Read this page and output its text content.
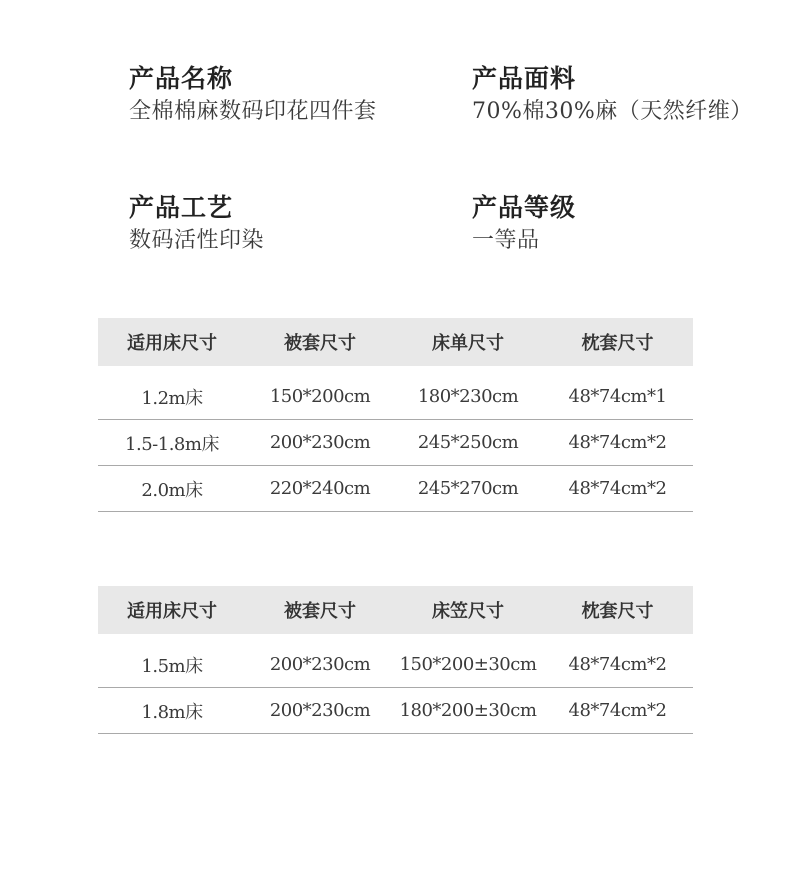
产品名称
全棉棉麻数码印花四件套
产品面料
70%棉30%麻（天然纤维）
产品工艺
数码活性印染
产品等级
一等品
适用床尺寸	被套尺寸	床单尺寸	枕套尺寸

1.2m床	150*200cm	180*230cm	48*74cm*1
1.5-1.8m床	200*230cm	245*250cm	48*74cm*2
2.0m床	220*240cm	245*270cm	48*74cm*2
适用床尺寸	被套尺寸	床笠尺寸	枕套尺寸

1.5m床	200*230cm	150*200±30cm	48*74cm*2
1.8m床	200*230cm	180*200±30cm	48*74cm*2
